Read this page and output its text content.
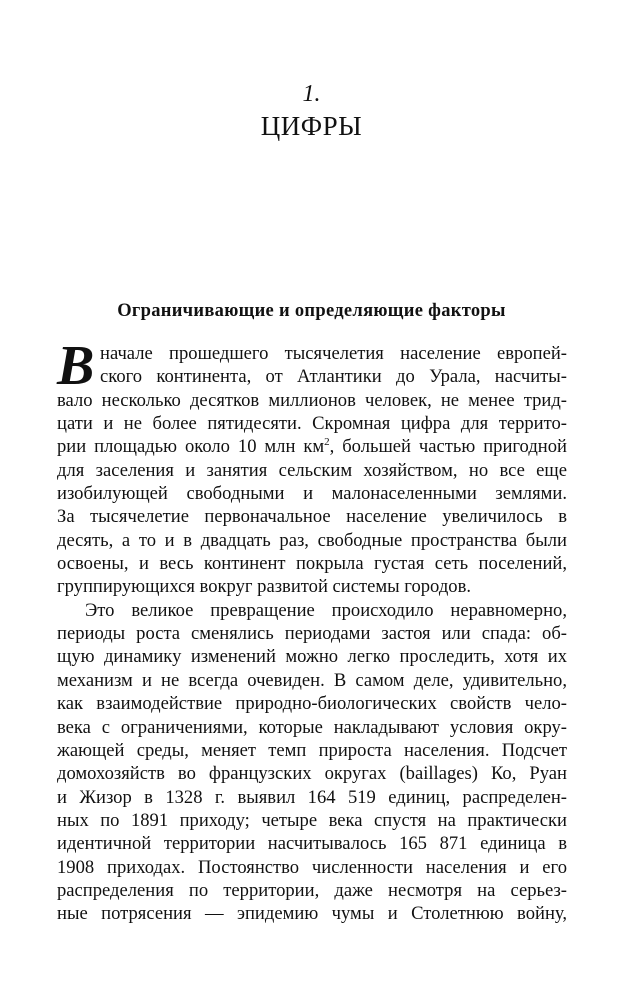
1.
ЦИФРЫ
Ограничивающие и определяющие факторы
В начале прошедшего тысячелетия население европей-
ского континента, от Атлантики до Урала, насчиты-
вало несколько десятков миллионов человек, не менее трид-
цати и не более пятидесяти. Скромная цифра для террито-
рии площадью около 10 млн $км^2$, большей частью пригодной
для заселения и занятия сельским хозяйством, но все еще
изобилующей свободными и малонаселенными землями.
За тысячелетие первоначальное население увеличилось в
десять, а то и в двадцать раз, свободные пространства были
освоены, и весь континент покрыла густая сеть поселений,
группирующихся вокруг развитой системы городов.
Это великое превращение происходило неравномерно,
периоды роста сменялись периодами застоя или спада: об-
щую динамику изменений можно легко проследить, хотя их
механизм и не всегда очевиден. В самом деле, удивительно,
как взаимодействие природно-биологических свойств чело-
века с ограничениями, которые накладывают условия окру-
жающей среды, меняет темп прироста населения. Подсчет
домохозяйств во французских округах (baillages) Ко, Руан
и Жизор в 1328 г. выявил 164 519 единиц, распределен-
ных по 1891 приходу; четыре века спустя на практически
идентичной территории насчитывалось 165 871 единица в
1908 приходах. Постоянство численности населения и его
распределения по территории, даже несмотря на серьез-
ные потрясения — эпидемию чумы и Столетнюю войну,
